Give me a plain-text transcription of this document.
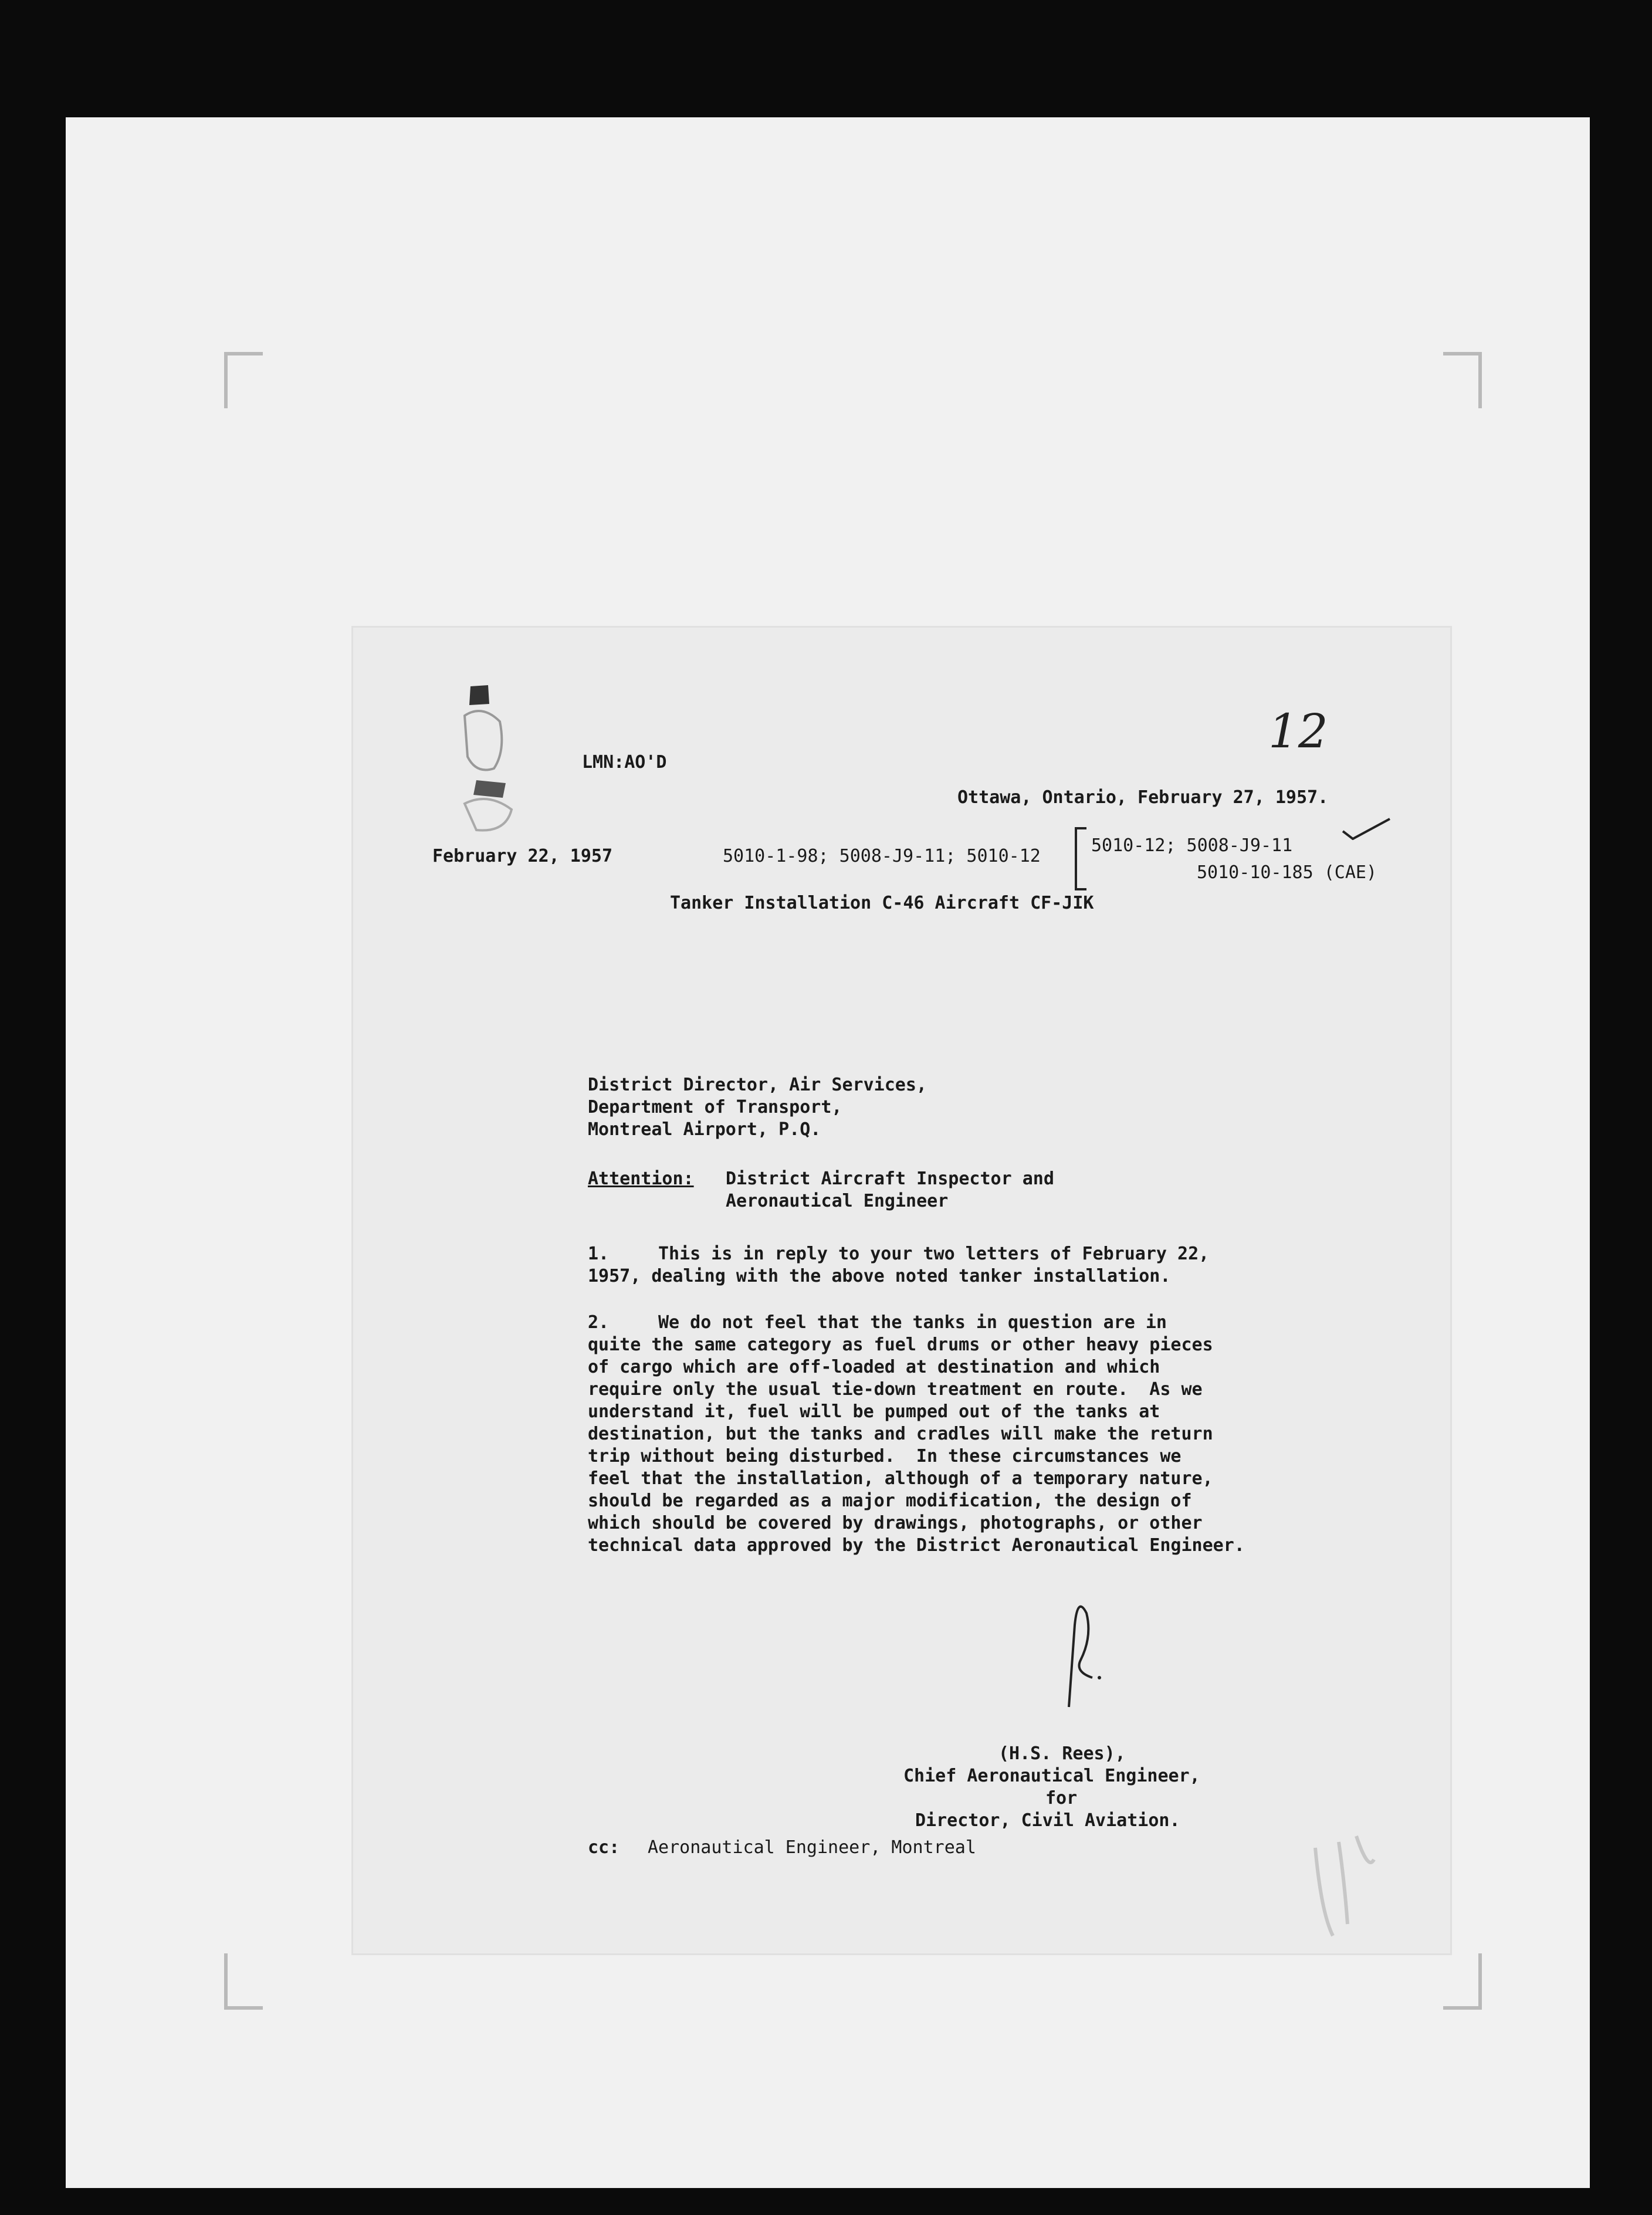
LMN:AO'D
12
Ottawa, Ontario, February 27, 1957.
February 22, 1957	5010-1-98; 5008-J9-11; 5010-12
5010-12; 5008-J9-11
5010-10-185 (CAE)
Tanker Installation C-46 Aircraft CF-JIK
District Director, Air Services,
Department of Transport,
Montreal Airport, P.Q.
Attention: District Aircraft Inspector and
Aeronautical Engineer
1.	This is in reply to your two letters of February 22,
1957, dealing with the above noted tanker installation.
2.	We do not feel that the tanks in question are in
quite the same category as fuel drums or other heavy pieces
of cargo which are off-loaded at destination and which
require only the usual tie-down treatment en route.  As we
understand it, fuel will be pumped out of the tanks at
destination, but the tanks and cradles will make the return
trip without being disturbed.  In these circumstances we
feel that the installation, although of a temporary nature,
should be regarded as a major modification, the design of
which should be covered by drawings, photographs, or other
technical data approved by the District Aeronautical Engineer.
(H.S. Rees),
Chief Aeronautical Engineer,
for
Director, Civil Aviation.
cc: Aeronautical Engineer, Montreal
